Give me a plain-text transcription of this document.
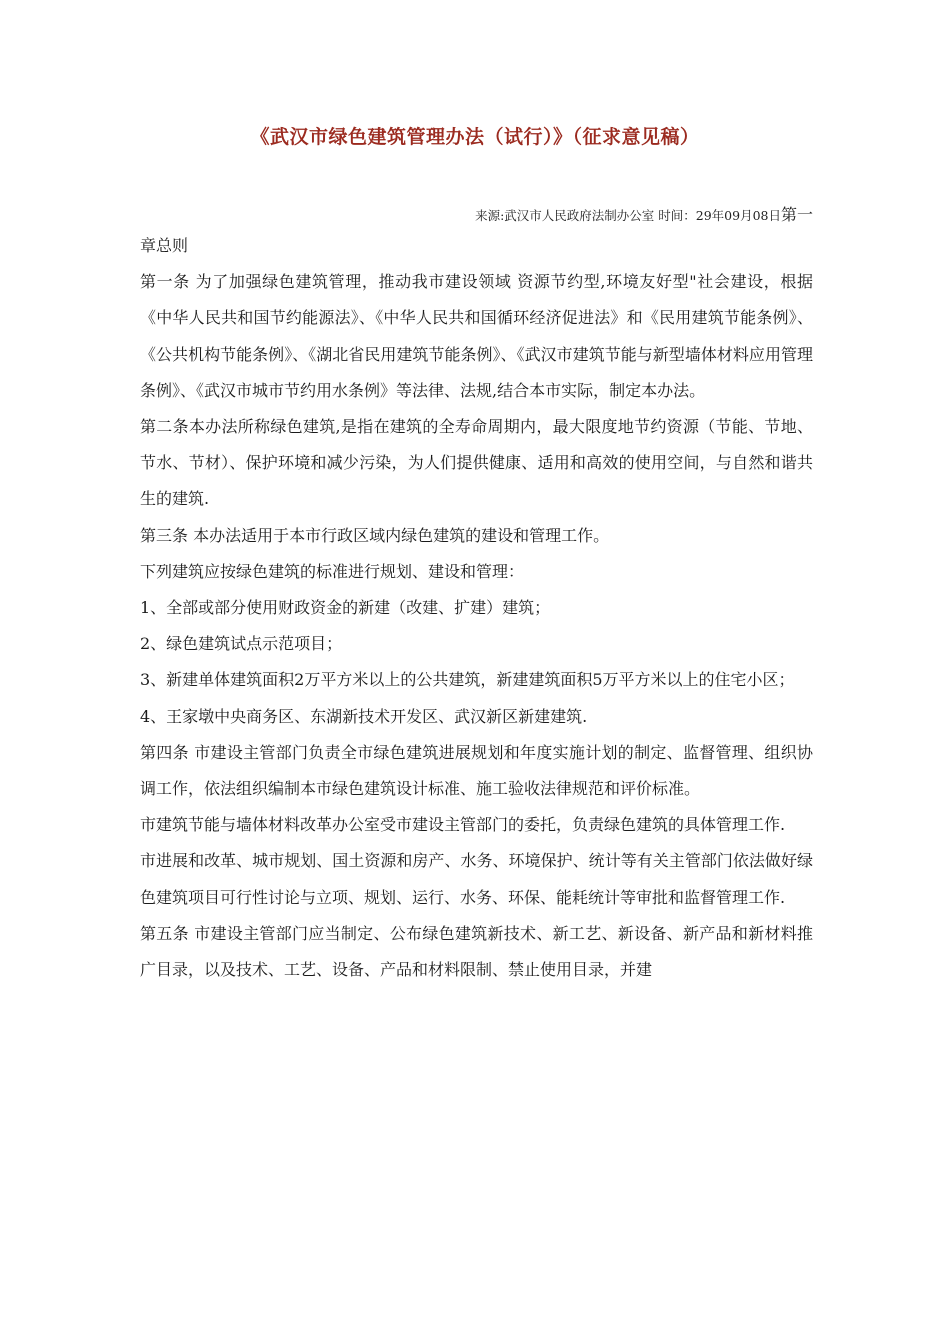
《武汉市绿色建筑管理办法（试行）》（征求意见稿）
来源:武汉市人民政府法制办公室 时间：29年09月08日第一
章总则

第一条 为了加强绿色建筑管理，推动我市建设领域 资源节约型,环境友好型"社会建设，根据《中华人民共和国节约能源法》、《中华人民共和国循环经济促进法》和《民用建筑节能条例》、《公共机构节能条例》、《湖北省民用建筑节能条例》、《武汉市建筑节能与新型墙体材料应用管理条例》、《武汉市城市节约用水条例》等法律、法规,结合本市实际，制定本办法。

第二条本办法所称绿色建筑,是指在建筑的全寿命周期内，最大限度地节约资源（节能、节地、节水、节材）、保护环境和减少污染，为人们提供健康、适用和高效的使用空间，与自然和谐共生的建筑.

第三条 本办法适用于本市行政区域内绿色建筑的建设和管理工作。

下列建筑应按绿色建筑的标准进行规划、建设和管理：

1、全部或部分使用财政资金的新建（改建、扩建）建筑；

2、绿色建筑试点示范项目；

3、新建单体建筑面积2万平方米以上的公共建筑，新建建筑面积5万平方米以上的住宅小区；

4、王家墩中央商务区、东湖新技术开发区、武汉新区新建建筑.

第四条 市建设主管部门负责全市绿色建筑进展规划和年度实施计划的制定、监督管理、组织协调工作，依法组织编制本市绿色建筑设计标准、施工验收法律规范和评价标准。

市建筑节能与墙体材料改革办公室受市建设主管部门的委托，负责绿色建筑的具体管理工作.

市进展和改革、城市规划、国土资源和房产、水务、环境保护、统计等有关主管部门依法做好绿色建筑项目可行性讨论与立项、规划、运行、水务、环保、能耗统计等审批和监督管理工作.

第五条 市建设主管部门应当制定、公布绿色建筑新技术、新工艺、新设备、新产品和新材料推广目录，以及技术、工艺、设备、产品和材料限制、禁止使用目录，并建
